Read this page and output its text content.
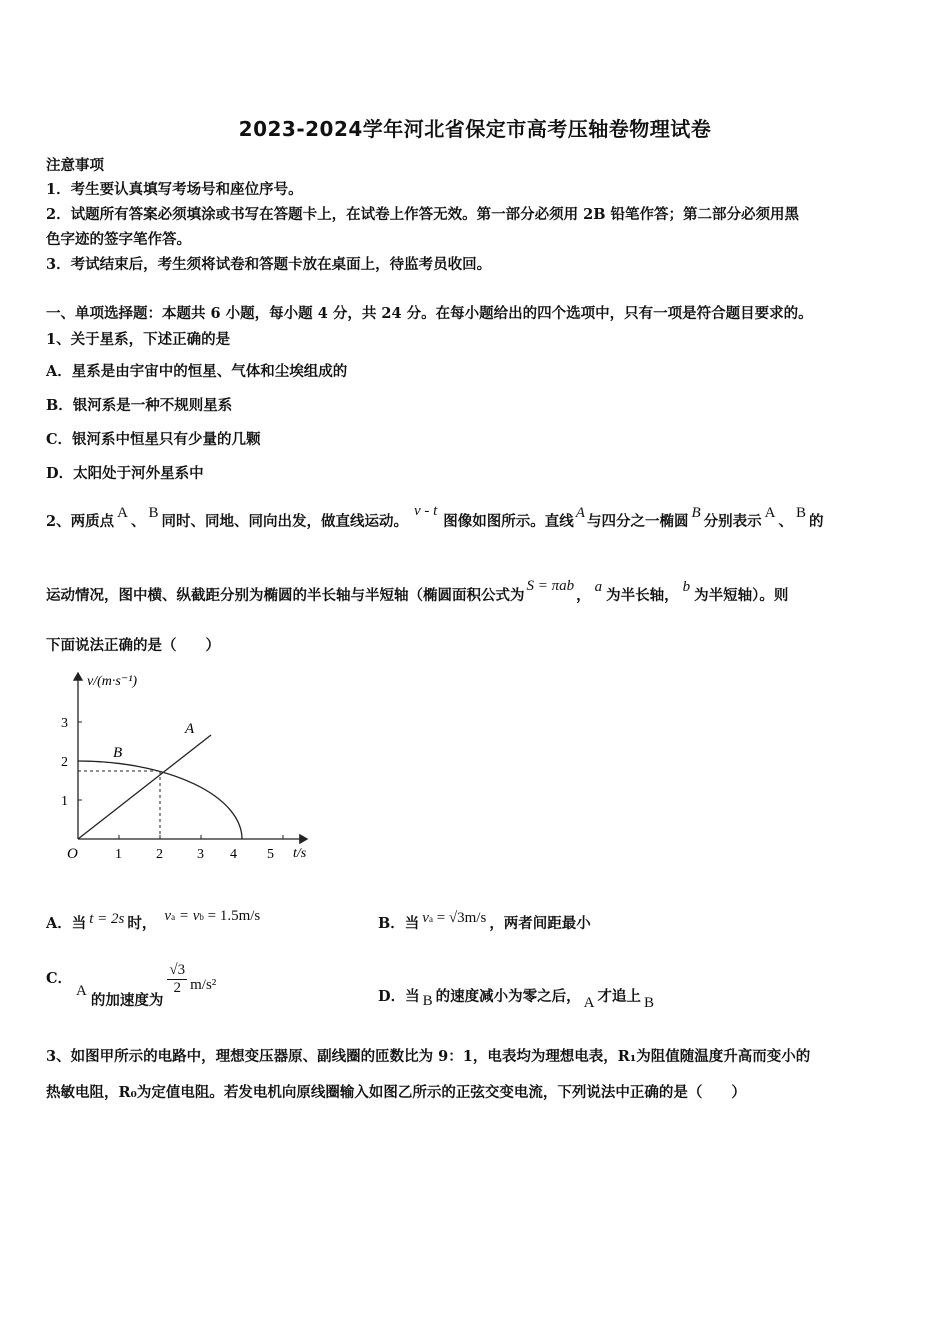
2023-2024学年河北省保定市高考压轴卷物理试卷
注意事项
1．考生要认真填写考场号和座位序号。
2．试题所有答案必须填涂或书写在答题卡上，在试卷上作答无效。第一部分必须用 2B 铅笔作答；第二部分必须用黑
色字迹的签字笔作答。
3．考试结束后，考生须将试卷和答题卡放在桌面上，待监考员收回。
一、单项选择题：本题共 6 小题，每小题 4 分，共 24 分。在每小题给出的四个选项中，只有一项是符合题目要求的。
1、关于星系，下述正确的是
A．星系是由宇宙中的恒星、气体和尘埃组成的
B．银河系是一种不规则星系
C．银河系中恒星只有少量的几颗
D．太阳处于河外星系中
2、两质点 A 、 B 同时、同地、同向出发，做直线运动。v - t图像如图所示。直线 A 与四分之一椭圆 B 分别表示 A 、 B 的
运动情况，图中横、纵截距分别为椭圆的半长轴与半短轴（椭圆面积公式为S = πab， a 为半长轴， b 为半短轴）。则
下面说法正确的是（　　）
v/(m·s⁻¹)
t/s
O	1 2 3 4 5
1
2
3	A
B
A．当 t = 2s 时， va = vb = 1.5m/s	B．当 va = √3m/s ，两者间距最小
C．A的加速度为
$\frac{√3}{2} m/s^2$
D．当 B 的速度减小为零之后， A 才追上 B
3、如图甲所示的电路中，理想变压器原、副线圈的匝数比为 9：1，电表均为理想电表，R₁为阻值随温度升高而变小的
热敏电阻，R₀为定值电阻。若发电机向原线圈输入如图乙所示的正弦交变电流，下列说法中正确的是（　　）
